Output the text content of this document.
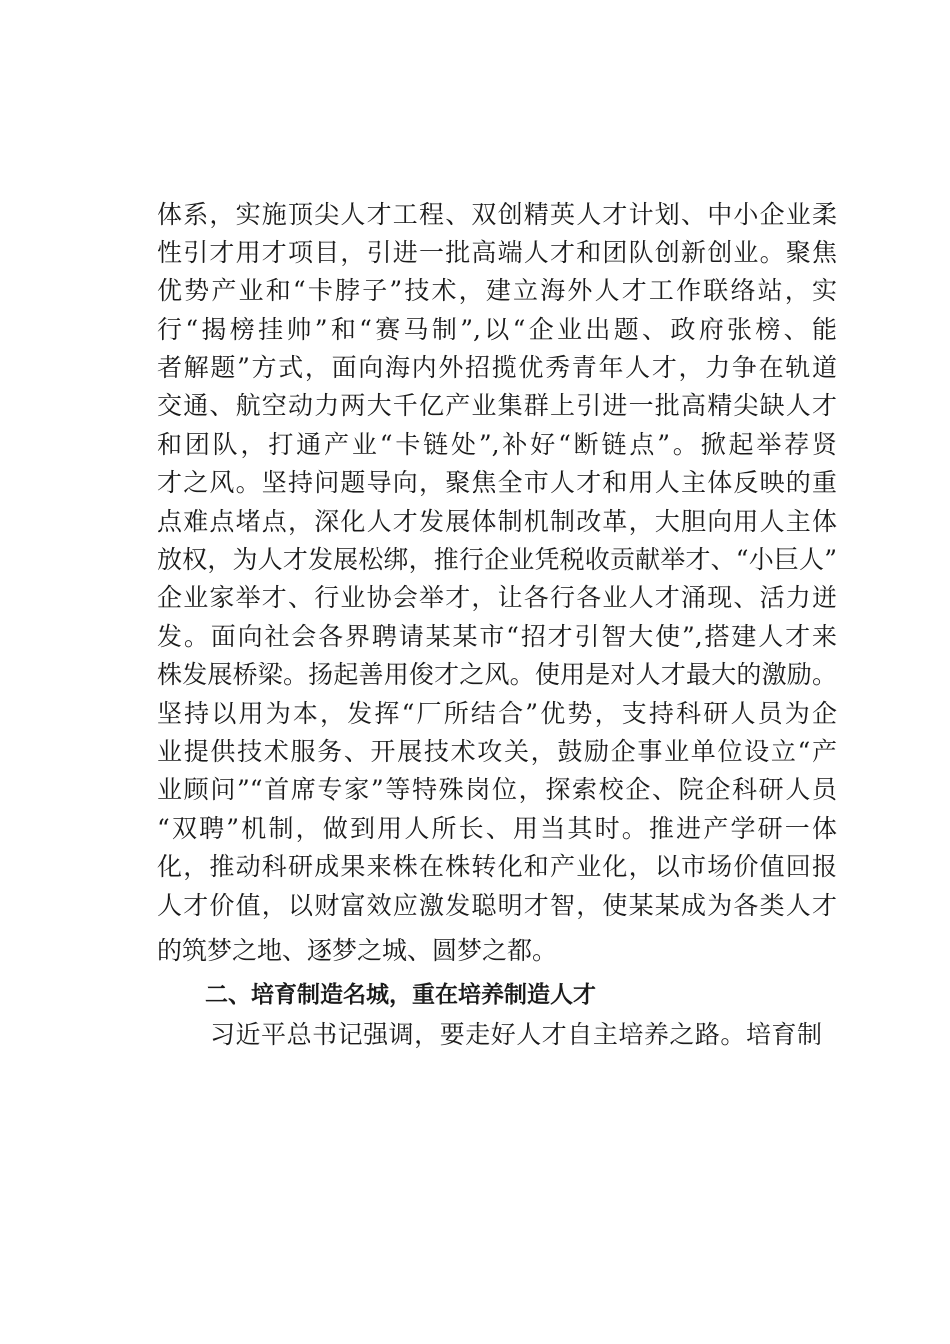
体系，实施顶尖人才工程、双创精英人才计划、中小企业柔
性引才用才项目，引进一批高端人才和团队创新创业。聚焦
优势产业和“卡脖子”技术，建立海外人才工作联络站，实
行“揭榜挂帅”和“赛马制”,以“企业出题、政府张榜、能
者解题”方式，面向海内外招揽优秀青年人才，力争在轨道
交通、航空动力两大千亿产业集群上引进一批高精尖缺人才
和团队，打通产业“卡链处”,补好“断链点”。掀起举荐贤
才之风。坚持问题导向，聚焦全市人才和用人主体反映的重
点难点堵点，深化人才发展体制机制改革，大胆向用人主体
放权，为人才发展松绑，推行企业凭税收贡献举才、“小巨人”
企业家举才、行业协会举才，让各行各业人才涌现、活力迸
发。面向社会各界聘请某某市“招才引智大使”,搭建人才来
株发展桥梁。扬起善用俊才之风。使用是对人才最大的激励。
坚持以用为本，发挥“厂所结合”优势，支持科研人员为企
业提供技术服务、开展技术攻关，鼓励企事业单位设立“产
业顾问”“首席专家”等特殊岗位，探索校企、院企科研人员
“双聘”机制，做到用人所长、用当其时。推进产学研一体
化，推动科研成果来株在株转化和产业化，以市场价值回报
人才价值，以财富效应激发聪明才智，使某某成为各类人才
的筑梦之地、逐梦之城、圆梦之都。
二、培育制造名城，重在培养制造人才
习近平总书记强调，要走好人才自主培养之路。培育制
